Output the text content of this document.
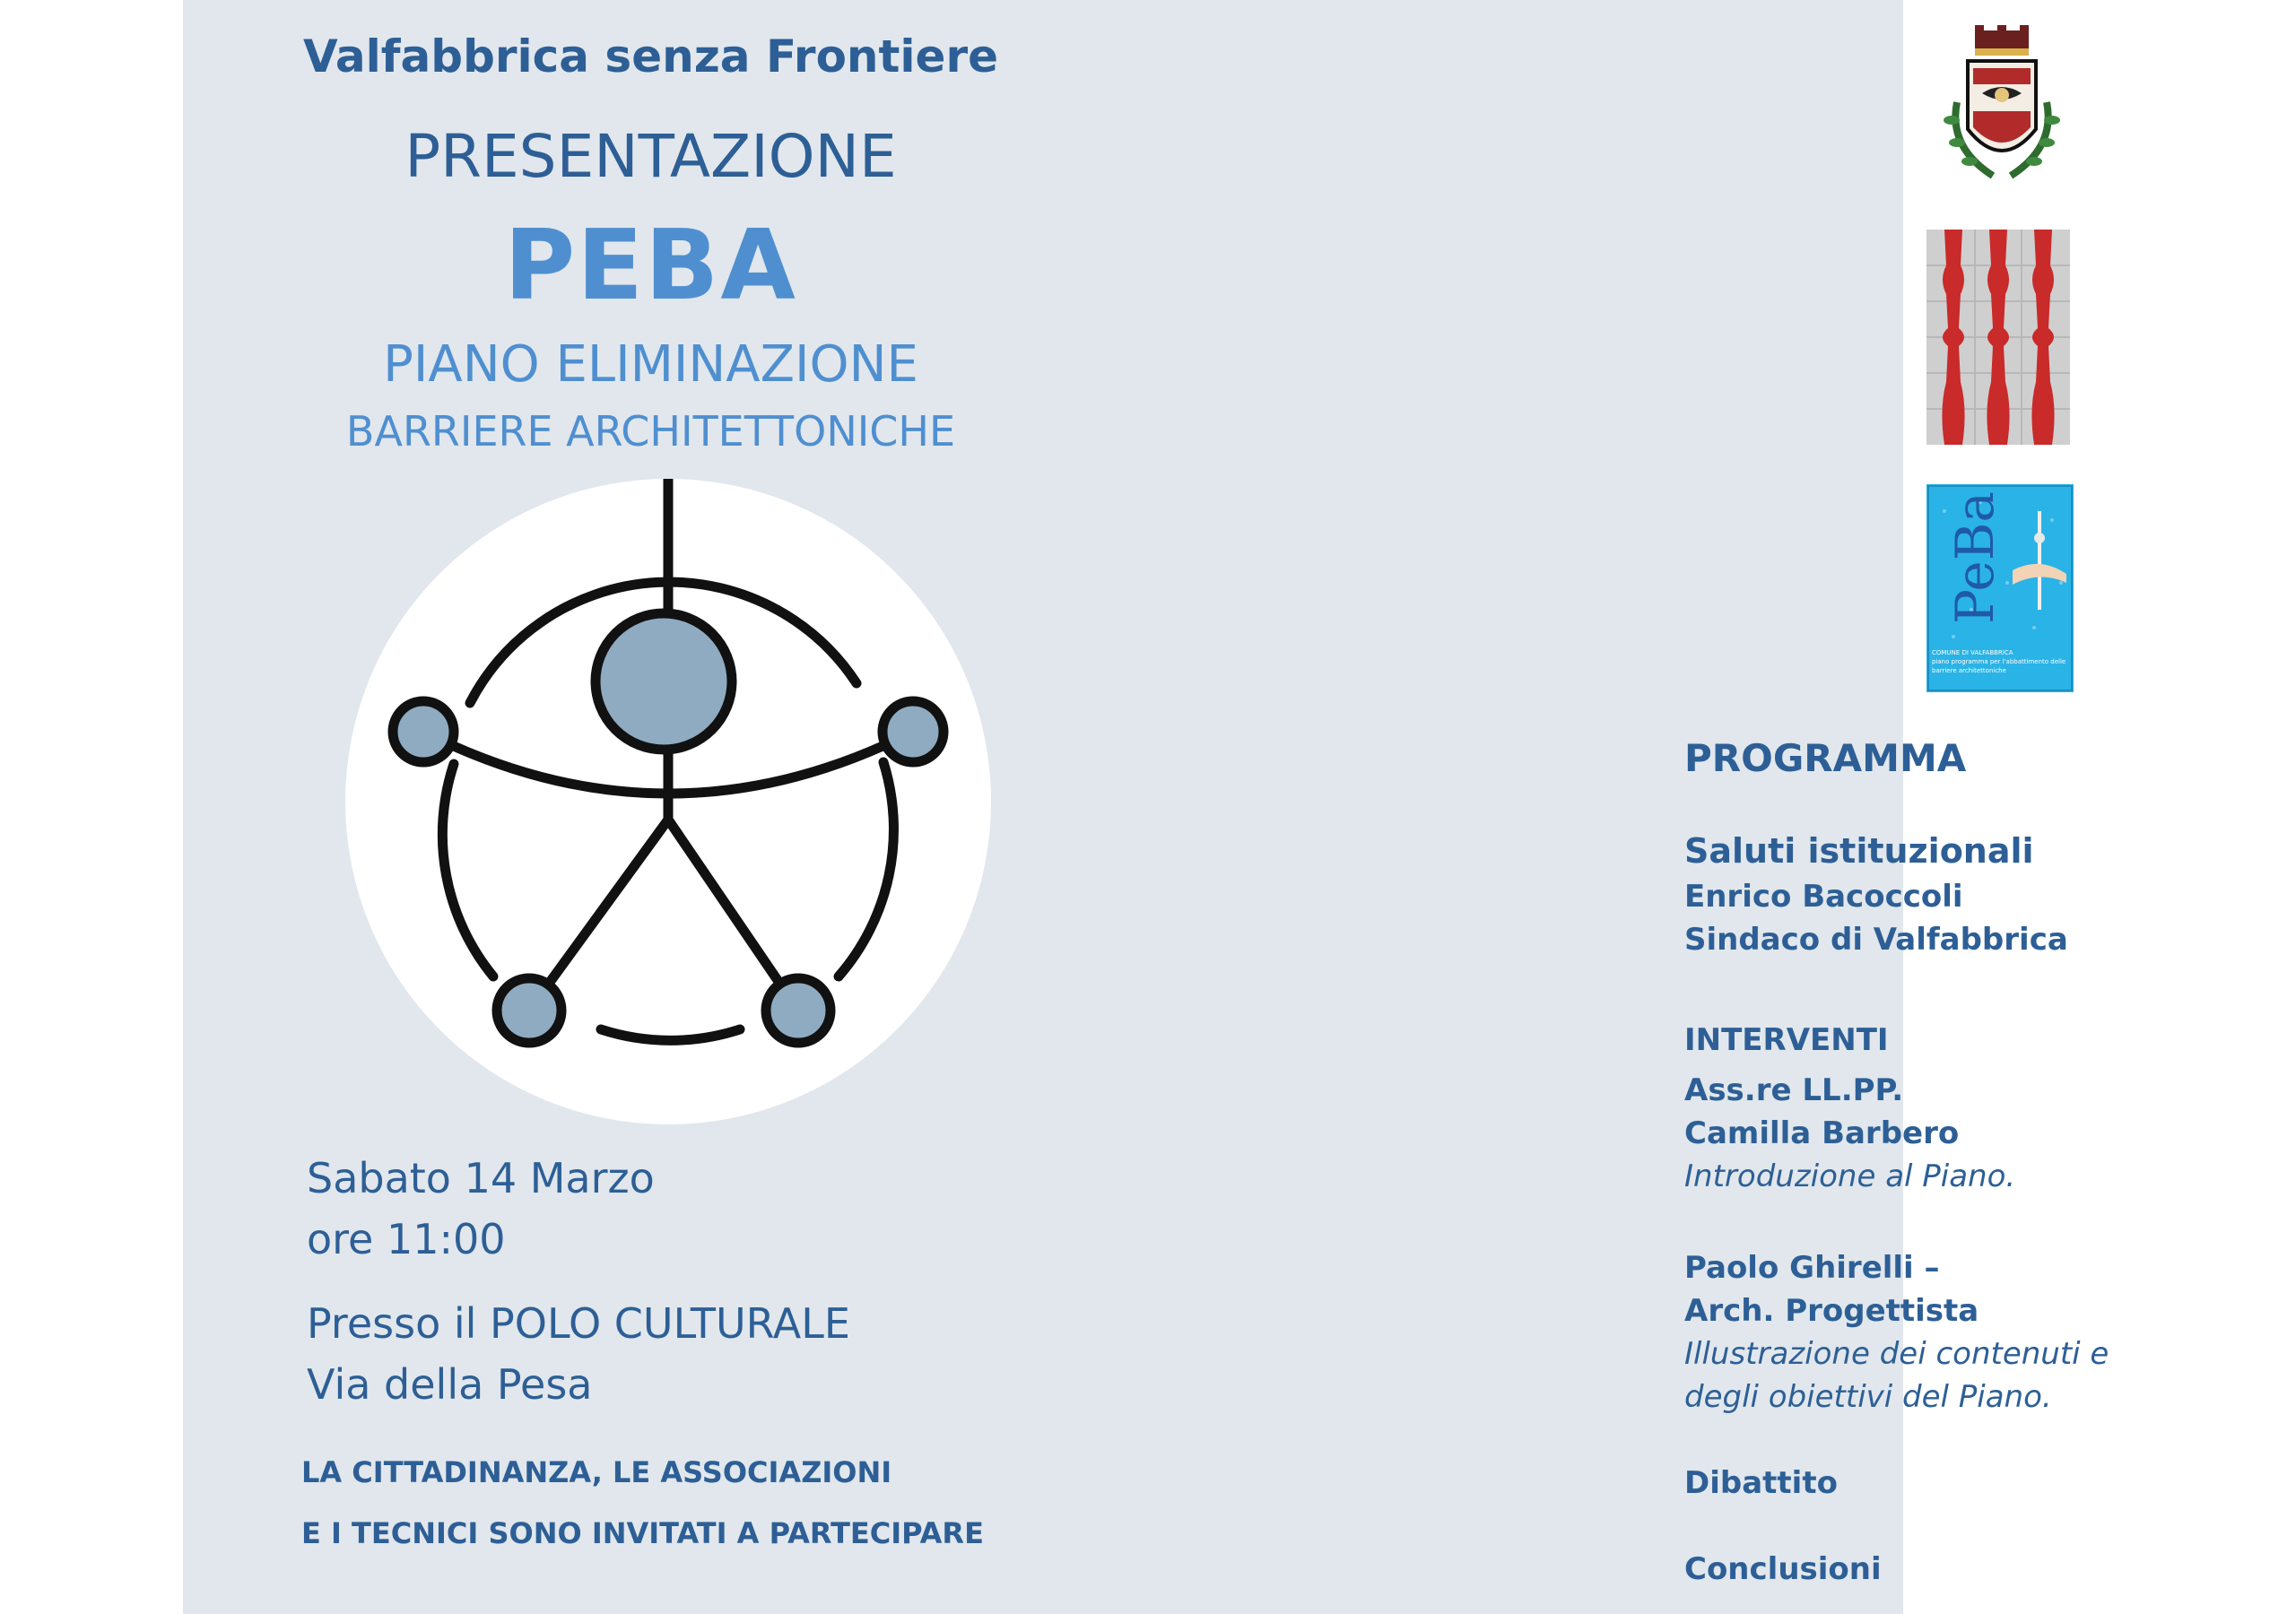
Valfabbrica senza Frontiere
PRESENTAZIONE
PEBA
PIANO ELIMINAZIONE
BARRIERE ARCHITETTONICHE
Sabato 14 Marzo
ore 11:00
Presso il POLO CULTURALE
Via della Pesa
LA CITTADINANZA, LE ASSOCIAZIONI
E I TECNICI SONO INVITATI A PARTECIPARE
PeBa
COMUNE DI VALFABBRICA
piano programma per l'abbattimento delle
barriere architettoniche
PROGRAMMA
Saluti istituzionali
Enrico Bacoccoli
Sindaco di Valfabbrica
INTERVENTI
Ass.re LL.PP.
Camilla Barbero
Introduzione al Piano.
Paolo Ghirelli –
Arch. Progettista
Illustrazione dei contenuti e
degli obiettivi del Piano.
Dibattito
Conclusioni
